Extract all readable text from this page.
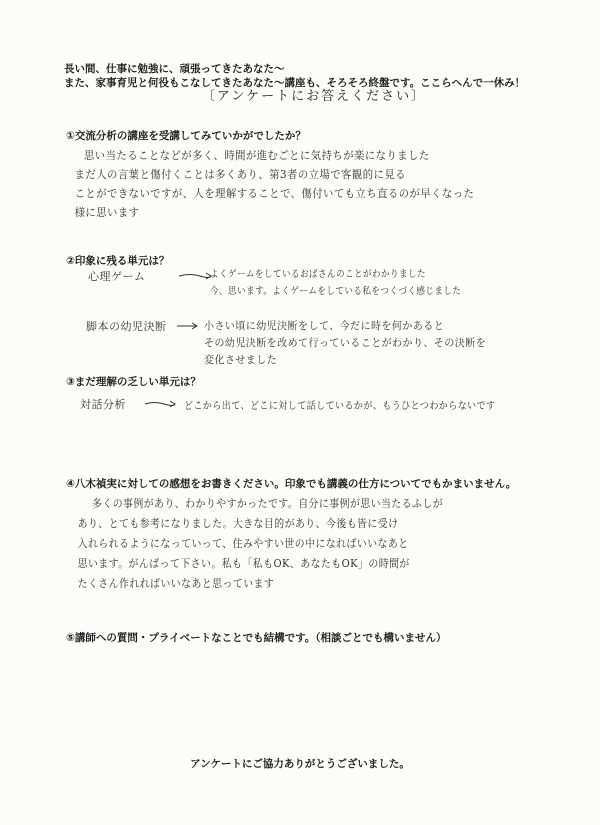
長い間、仕事に勉強に、頑張ってきたあなた〜
また、家事育児と何役もこなしてきたあなた〜講座も、そろそろ終盤です。ここらへんで一休み！
〔アンケートにお答えください〕
①交流分析の講座を受講してみていかがでしたか？
思い当たることなどが多く、時間が進むごとに気持ちが楽になりました
まだ人の言葉と傷付くことは多くあり、第3者の立場で客観的に見る
ことができないですが、人を理解することで、傷付いても立ち直るのが早くなった
様に思います
②印象に残る単元は？
心理ゲーム	よくゲームをしているおばさんのことがわかりました
今、思います。よくゲームをしている私をつくづく感じました
脚本の幼児決断	小さい頃に幼児決断をして、今だに時を何かあると
その幼児決断を改めて行っていることがわかり、その決断を
変化させました
③まだ理解の乏しい単元は？
対話分析	どこから出て、どこに対して話しているかが、もうひとつわからないです
④八木禎実に対しての感想をお書きください。印象でも講義の仕方についてでもかまいません。
多くの事例があり、わかりやすかったです。自分に事例が思い当たるふしが
あり、とても参考になりました。大きな目的があり、今後も皆に受け
入れられるようになっていって、住みやすい世の中になればいいなあと
思います。がんばって下さい。私も「私もOK、あなたもOK」の時間が
たくさん作れればいいなあと思っています
⑤講師への質問・プライベートなことでも結構です。（相談ごとでも構いません）
アンケートにご協力ありがとうございました。
